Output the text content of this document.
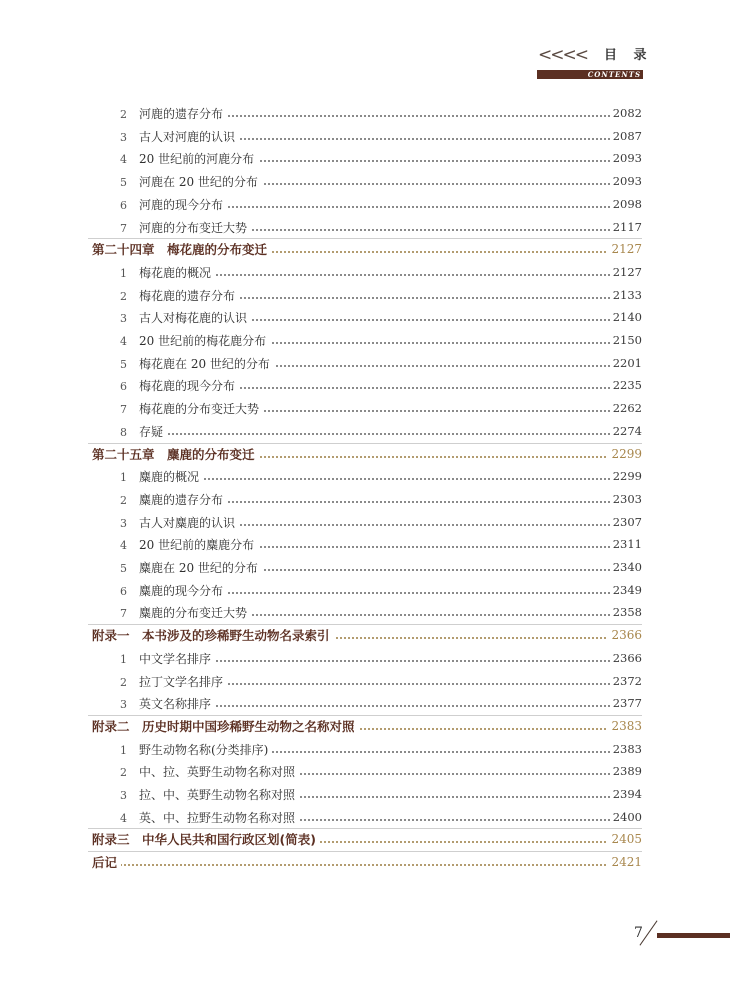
<<<< 目 录
CONTENTS
2 河鹿的遗存分布	2082
3 古人对河鹿的认识	2087
4 20 世纪前的河鹿分布	2093
5 河鹿在 20 世纪的分布	2093
6 河鹿的现今分布	2098
7 河鹿的分布变迁大势	2117
第二十四章　梅花鹿的分布变迁	2127
1 梅花鹿的概况	2127
2 梅花鹿的遗存分布	2133
3 古人对梅花鹿的认识	2140
4 20 世纪前的梅花鹿分布	2150
5 梅花鹿在 20 世纪的分布	2201
6 梅花鹿的现今分布	2235
7 梅花鹿的分布变迁大势	2262
8 存疑	2274
第二十五章　麋鹿的分布变迁	2299
1 麋鹿的概况	2299
2 麋鹿的遗存分布	2303
3 古人对麋鹿的认识	2307
4 20 世纪前的麋鹿分布	2311
5 麋鹿在 20 世纪的分布	2340
6 麋鹿的现今分布	2349
7 麋鹿的分布变迁大势	2358
附录一　本书涉及的珍稀野生动物名录索引	2366
1 中文学名排序	2366
2 拉丁文学名排序	2372
3 英文名称排序	2377
附录二　历史时期中国珍稀野生动物之名称对照	2383
1 野生动物名称(分类排序)	2383
2 中、拉、英野生动物名称对照	2389
3 拉、中、英野生动物名称对照	2394
4 英、中、拉野生动物名称对照	2400
附录三　中华人民共和国行政区划(简表)	2405
后记	2421
7
